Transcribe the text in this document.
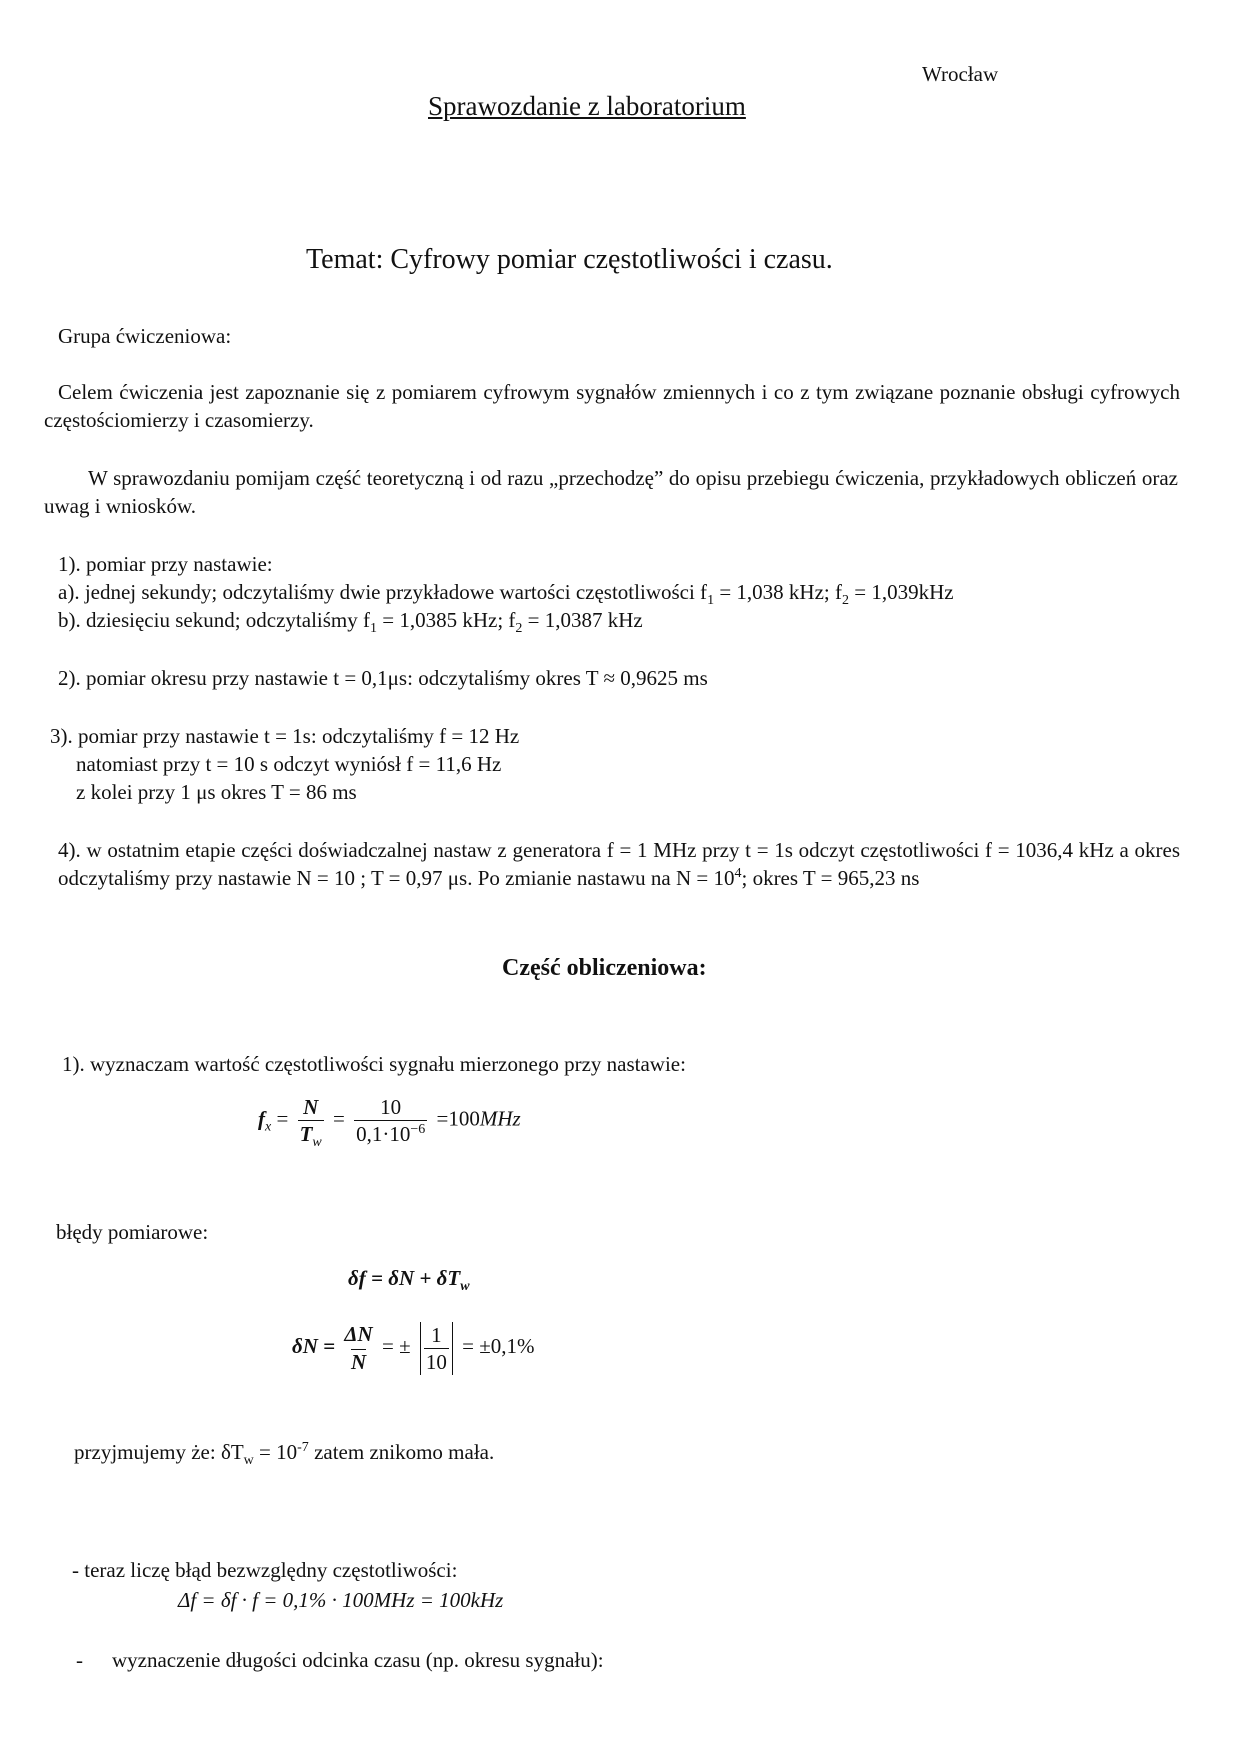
Wrocław
Sprawozdanie z laboratorium
Temat: Cyfrowy pomiar częstotliwości i czasu.
Grupa ćwiczeniowa:
Celem ćwiczenia jest zapoznanie się z pomiarem cyfrowym sygnałów zmiennych i co z tym związane poznanie obsługi cyfrowych częstościomierzy i czasomierzy.
W sprawozdaniu pomijam część teoretyczną i od razu „przechodzę” do opisu przebiegu ćwiczenia, przykładowych obliczeń oraz uwag i wniosków.
1). pomiar przy nastawie:
a). jednej sekundy; odczytaliśmy dwie przykładowe wartości częstotliwości $f_1 = 1,038$ kHz; $f_2 = 1,039kHz$
b). dziesięciu sekund; odczytaliśmy $f_1 = 1,0385$ kHz; $f_2 = 1,0387$ kHz
2). pomiar okresu przy nastawie t = 0,1μs: odczytaliśmy okres T ≈ 0,9625 ms
3). pomiar przy nastawie t = 1s: odczytaliśmy f = 12 Hz
natomiast przy t = 10 s odczyt wyniósł f = 11,6 Hz
z kolei przy 1 μs okres T = 86 ms
4). w ostatnim etapie części doświadczalnej nastaw z generatora f = 1 MHz przy t = 1s odczyt częstotliwości f = 1036,4 kHz a okres odczytaliśmy przy nastawie N = 10 ; T = 0,97 μs. Po zmianie nastawu na $N = 10^4$; okres T = 965,23 ns
Część obliczeniowa:
1). wyznaczam wartość częstotliwości sygnału mierzonego przy nastawie:
$f_x = \frac{N}{T_w} = \frac{10}{0,1\cdot 10^{-6}} =100MHz$
błędy pomiarowe:
$\delta f = \delta N + \delta T_w$
$\delta N = \frac{\Delta N}{N}$ = ± $\frac{1}{10} = \pm 0,1\%$
przyjmujemy że: $\delta T_w = 10^{-7}$ zatem znikomo mała.
- teraz liczę błąd bezwzględny częstotliwości:
Δf = δf · f = 0,1% · 100MHz = 100kHz
- wyznaczenie długości odcinka czasu (np. okresu sygnału):
